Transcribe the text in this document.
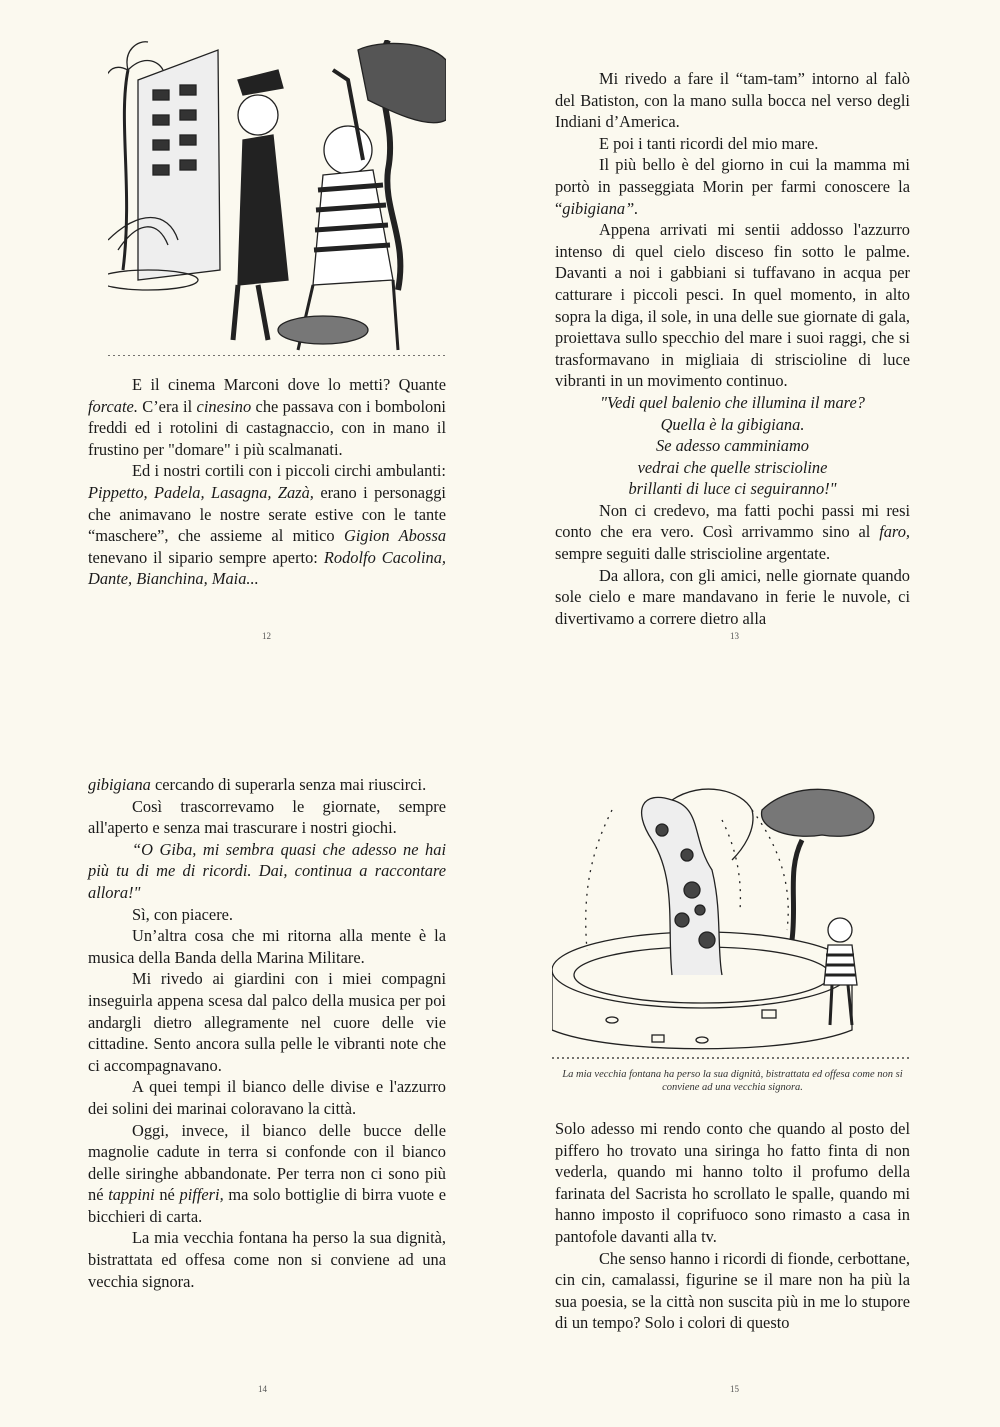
E il cinema Marconi dove lo metti? Quante forcate. C’era il cinesino che passava con i bomboloni freddi ed i rotolini di castagnaccio, con in mano il frustino per "domare" i più scalmanati.

Ed i nostri cortili con i piccoli circhi ambulanti: Pippetto, Padela, Lasagna, Zazà, erano i personaggi che animavano le nostre serate estive con le tante “maschere”, che assieme al mitico Gigion Abossa tenevano il sipario sempre aperto: Rodolfo Cacolina, Dante, Bianchina, Maia...

12

Mi rivedo a fare il “tam-tam” intorno al falò del Batiston, con la mano sulla bocca nel verso degli Indiani d’America.

E poi i tanti ricordi del mio mare.

Il più bello è del giorno in cui la mamma mi portò in passeggiata Morin per farmi conoscere la “gibigiana”.

Appena arrivati mi sentii addosso l'azzurro intenso di quel cielo disceso fin sotto le palme. Davanti a noi i gabbiani si tuffavano in acqua per catturare i piccoli pesci. In quel momento, in alto sopra la diga, il sole, in una delle sue giornate di gala, proiettava sullo specchio del mare i suoi raggi, che si trasformavano in migliaia di striscioline di luce vibranti in un movimento continuo.

"Vedi quel balenio che illumina il mare?
Quella è la gibigiana.
Se adesso camminiamo
vedrai che quelle striscioline
brillanti di luce ci seguiranno!"

Non ci credevo, ma fatti pochi passi mi resi conto che era vero. Così arrivammo sino al faro, sempre seguiti dalle striscioline argentate.

Da allora, con gli amici, nelle giornate quando sole cielo e mare mandavano in ferie le nuvole, ci divertivamo a correre dietro alla

13

gibigiana cercando di superarla senza mai riuscirci.

Così trascorrevamo le giornate, sempre all'aperto e senza mai trascurare i nostri giochi.

“O Giba, mi sembra quasi che adesso ne hai più tu di me di ricordi. Dai, continua a raccontare allora!"

Sì, con piacere.

Un’altra cosa che mi ritorna alla mente è la musica della Banda della Marina Militare.

Mi rivedo ai giardini con i miei compagni inseguirla appena scesa dal palco della musica per poi andargli dietro allegramente nel cuore delle vie cittadine. Sento ancora sulla pelle le vibranti note che ci accompagnavano.

A quei tempi il bianco delle divise e l'azzurro dei solini dei marinai coloravano la città.

Oggi, invece, il bianco delle bucce delle magnolie cadute in terra si confonde con il bianco delle siringhe abbandonate. Per terra non ci sono più né tappini né pifferi, ma solo bottiglie di birra vuote e bicchieri di carta.

La mia vecchia fontana ha perso la sua dignità, bistrattata ed offesa come non si conviene ad una vecchia signora.

14
La mia vecchia fontana ha perso la sua dignità, bistrattata ed offesa come non si conviene ad una vecchia signora.

Solo adesso mi rendo conto che quando al posto del piffero ho trovato una siringa ho fatto finta di non vederla, quando mi hanno tolto il profumo della farinata del Sacrista ho scrollato le spalle, quando mi hanno imposto il coprifuoco sono rimasto a casa in pantofole davanti alla tv.

Che senso hanno i ricordi di fionde, cerbottane, cin cin, camalassi, figurine se il mare non ha più la sua poesia, se la città non suscita più in me lo stupore di un tempo? Solo i colori di questo

15
